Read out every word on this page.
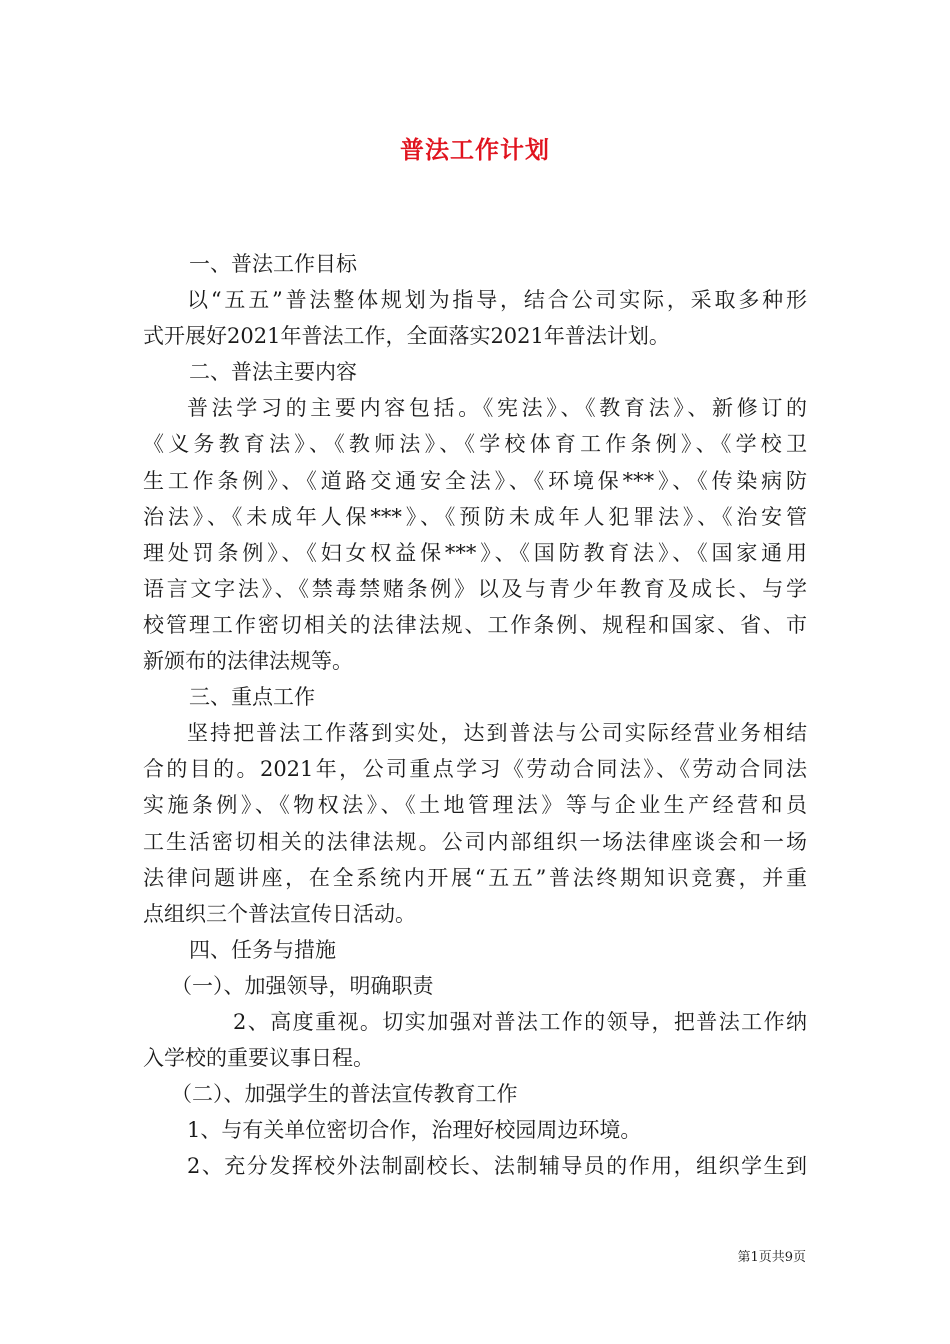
普法工作计划
一、普法工作目标
以“五五”普法整体规划为指导，结合公司实际，采取多种形
式开展好2021年普法工作，全面落实2021年普法计划。
二、普法主要内容
普法学习的主要内容包括。《宪法》、《教育法》、新修订的
《义务教育法》、《教师法》、《学校体育工作条例》、《学校卫
生工作条例》、《道路交通安全法》、《环境保***》、《传染病防
治法》、《未成年人保***》、《预防未成年人犯罪法》、《治安管
理处罚条例》、《妇女权益保***》、《国防教育法》、《国家通用
语言文字法》、《禁毒禁赌条例》以及与青少年教育及成长、与学
校管理工作密切相关的法律法规、工作条例、规程和国家、省、市
新颁布的法律法规等。
三、重点工作
坚持把普法工作落到实处，达到普法与公司实际经营业务相结
合的目的。2021年，公司重点学习《劳动合同法》、《劳动合同法
实施条例》、《物权法》、《土地管理法》等与企业生产经营和员
工生活密切相关的法律法规。公司内部组织一场法律座谈会和一场
法律问题讲座，在全系统内开展“五五”普法终期知识竞赛，并重
点组织三个普法宣传日活动。
四、任务与措施
（一）、加强领导，明确职责
2、高度重视。切实加强对普法工作的领导，把普法工作纳
入学校的重要议事日程。
（二）、加强学生的普法宣传教育工作
1、与有关单位密切合作，治理好校园周边环境。
2、充分发挥校外法制副校长、法制辅导员的作用，组织学生到
第1页共9页
